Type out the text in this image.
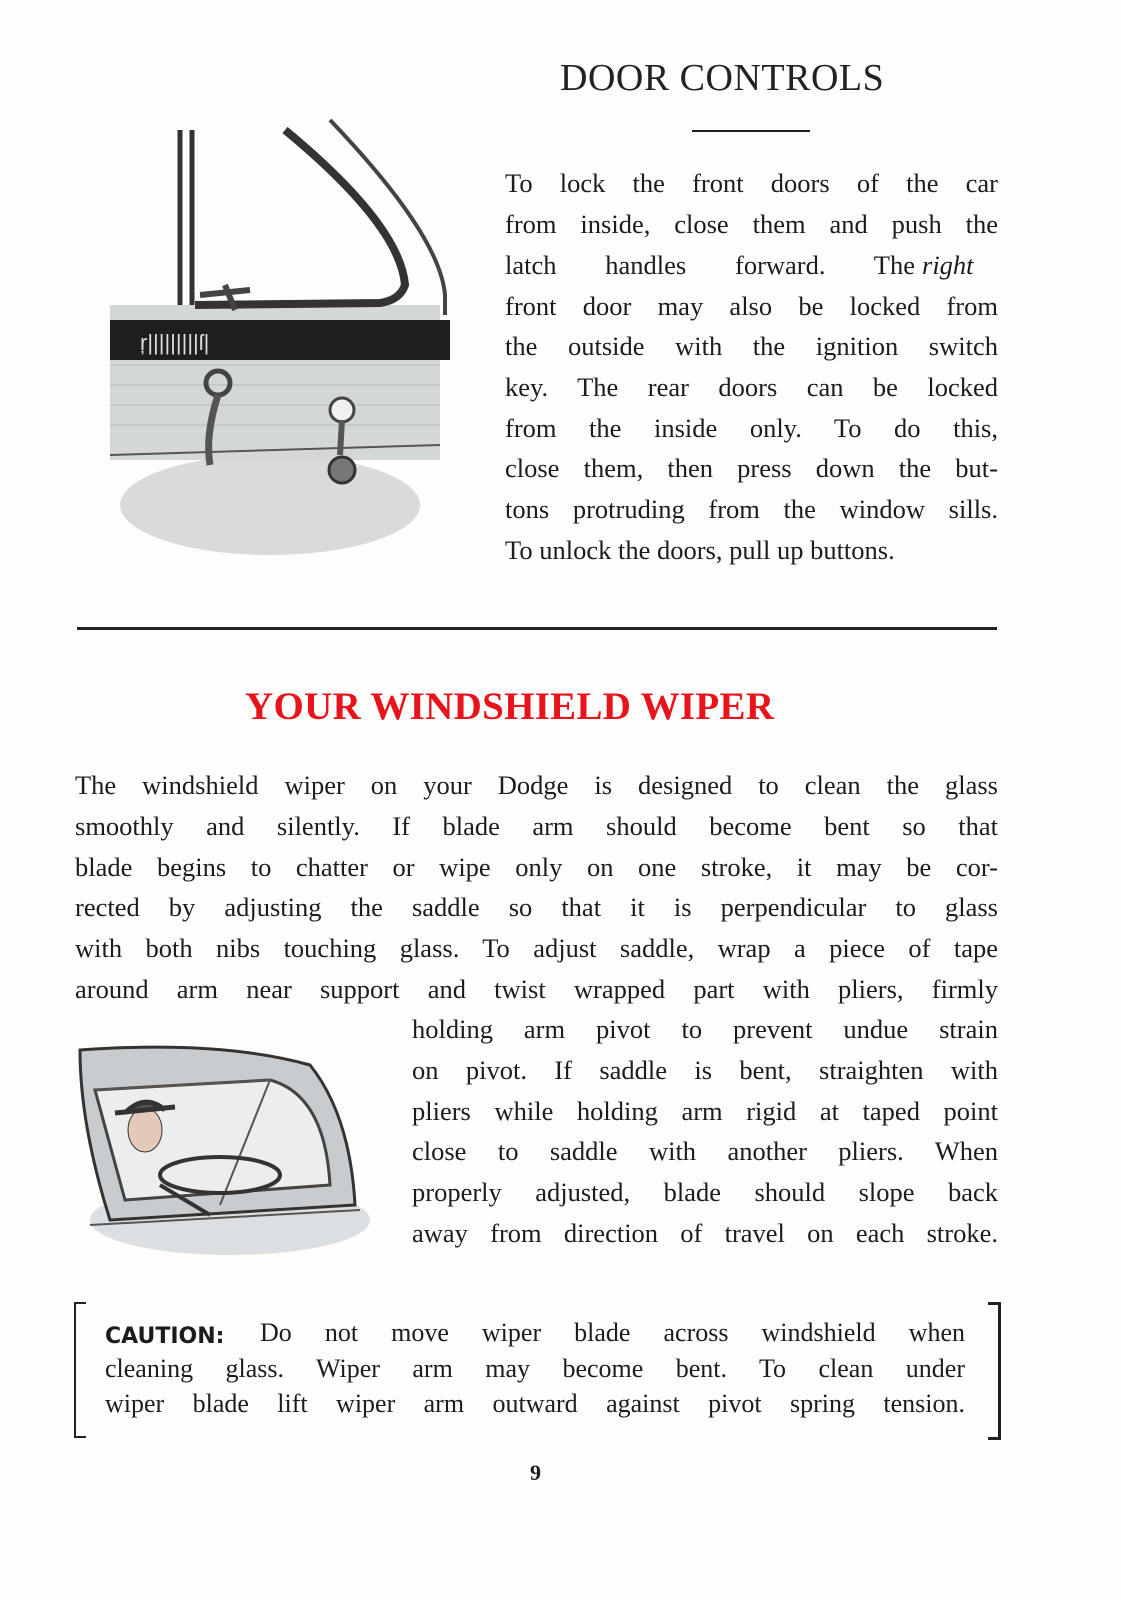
ŗ|||||||||ſ|
DOOR CONTROLS
To lock the front doors of the car
from inside, close them and push the
latch handles forward. The right
front door may also be locked from
the outside with the ignition switch
key. The rear doors can be locked
from the inside only. To do this,
close them, then press down the but-
tons protruding from the window sills.
To unlock the doors, pull up buttons.
YOUR WINDSHIELD WIPER
The windshield wiper on your Dodge is designed to clean the glass
smoothly and silently. If blade arm should become bent so that
blade begins to chatter or wipe only on one stroke, it may be cor-
rected by adjusting the saddle so that it is perpendicular to glass
with both nibs touching glass. To adjust saddle, wrap a piece of tape
around arm near support and twist wrapped part with pliers, firmly
holding arm pivot to prevent undue strain
on pivot. If saddle is bent, straighten with
pliers while holding arm rigid at taped point
close to saddle with another pliers. When
properly adjusted, blade should slope back
away from direction of travel on each stroke.
CAUTION: Do not move wiper blade across windshield when
cleaning glass. Wiper arm may become bent. To clean under
wiper blade lift wiper arm outward against pivot spring tension.
9
